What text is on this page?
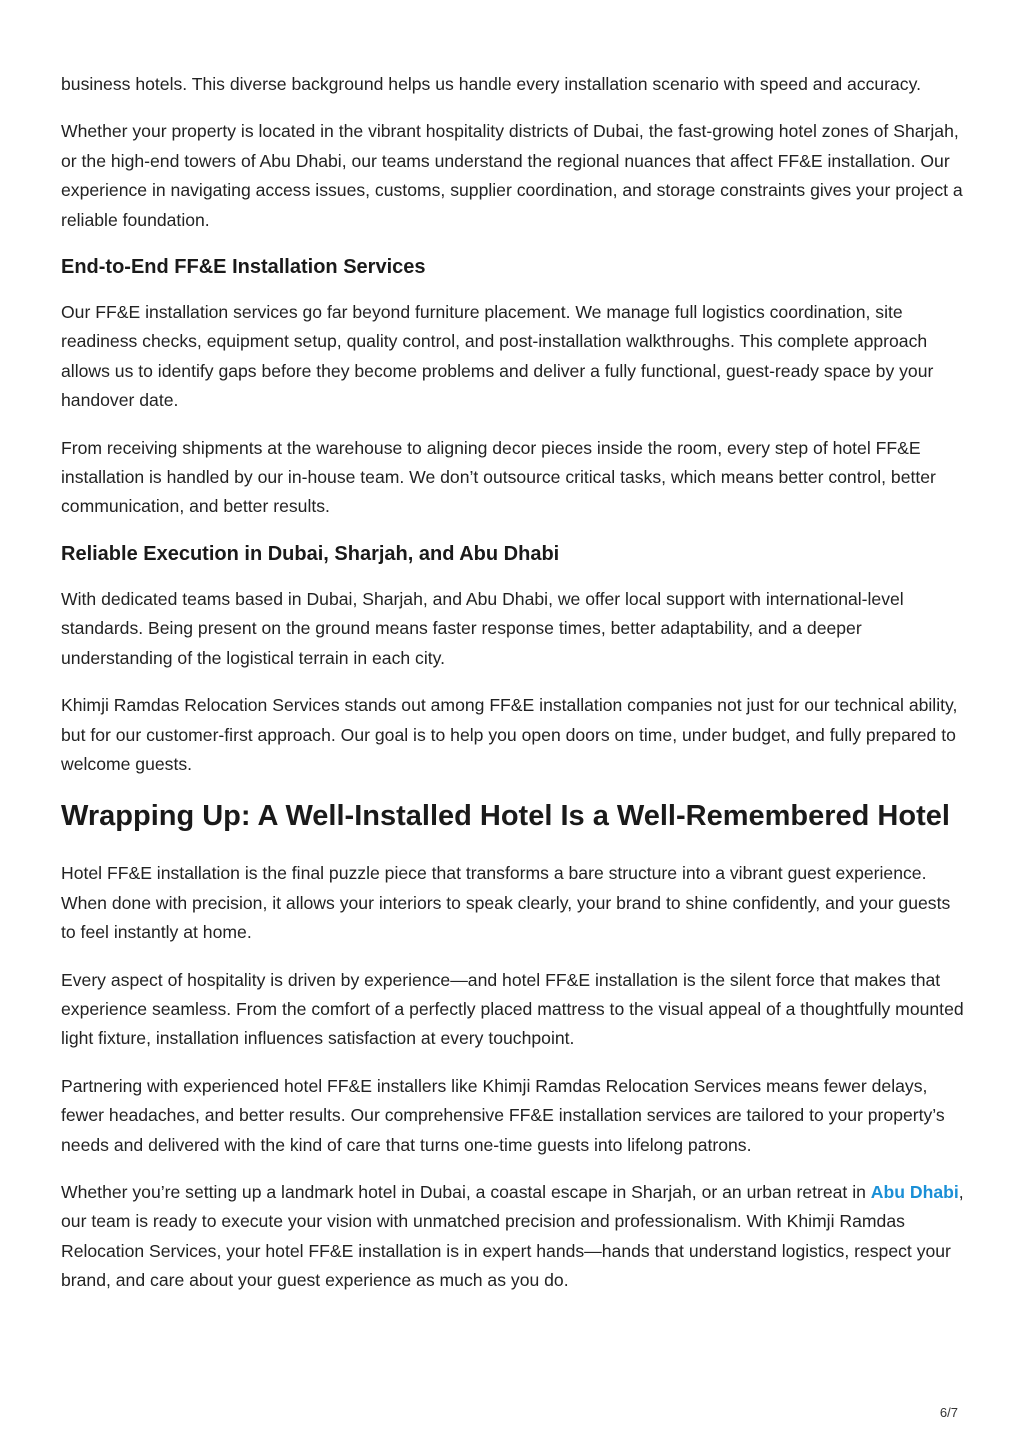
business hotels. This diverse background helps us handle every installation scenario with speed and accuracy.

Whether your property is located in the vibrant hospitality districts of Dubai, the fast-growing hotel zones of Sharjah, or the high-end towers of Abu Dhabi, our teams understand the regional nuances that affect FF&E installation. Our experience in navigating access issues, customs, supplier coordination, and storage constraints gives your project a reliable foundation.

End-to-End FF&E Installation Services

Our FF&E installation services go far beyond furniture placement. We manage full logistics coordination, site readiness checks, equipment setup, quality control, and post-installation walkthroughs. This complete approach allows us to identify gaps before they become problems and deliver a fully functional, guest-ready space by your handover date.

From receiving shipments at the warehouse to aligning decor pieces inside the room, every step of hotel FF&E installation is handled by our in-house team. We don’t outsource critical tasks, which means better control, better communication, and better results.

Reliable Execution in Dubai, Sharjah, and Abu Dhabi

With dedicated teams based in Dubai, Sharjah, and Abu Dhabi, we offer local support with international-level standards. Being present on the ground means faster response times, better adaptability, and a deeper understanding of the logistical terrain in each city.

Khimji Ramdas Relocation Services stands out among FF&E installation companies not just for our technical ability, but for our customer-first approach. Our goal is to help you open doors on time, under budget, and fully prepared to welcome guests.

Wrapping Up: A Well-Installed Hotel Is a Well-Remembered Hotel

Hotel FF&E installation is the final puzzle piece that transforms a bare structure into a vibrant guest experience. When done with precision, it allows your interiors to speak clearly, your brand to shine confidently, and your guests to feel instantly at home.

Every aspect of hospitality is driven by experience—and hotel FF&E installation is the silent force that makes that experience seamless. From the comfort of a perfectly placed mattress to the visual appeal of a thoughtfully mounted light fixture, installation influences satisfaction at every touchpoint.

Partnering with experienced hotel FF&E installers like Khimji Ramdas Relocation Services means fewer delays, fewer headaches, and better results. Our comprehensive FF&E installation services are tailored to your property’s needs and delivered with the kind of care that turns one-time guests into lifelong patrons.

Whether you’re setting up a landmark hotel in Dubai, a coastal escape in Sharjah, or an urban retreat in Abu Dhabi, our team is ready to execute your vision with unmatched precision and professionalism. With Khimji Ramdas Relocation Services, your hotel FF&E installation is in expert hands—hands that understand logistics, respect your brand, and care about your guest experience as much as you do.

6/7
